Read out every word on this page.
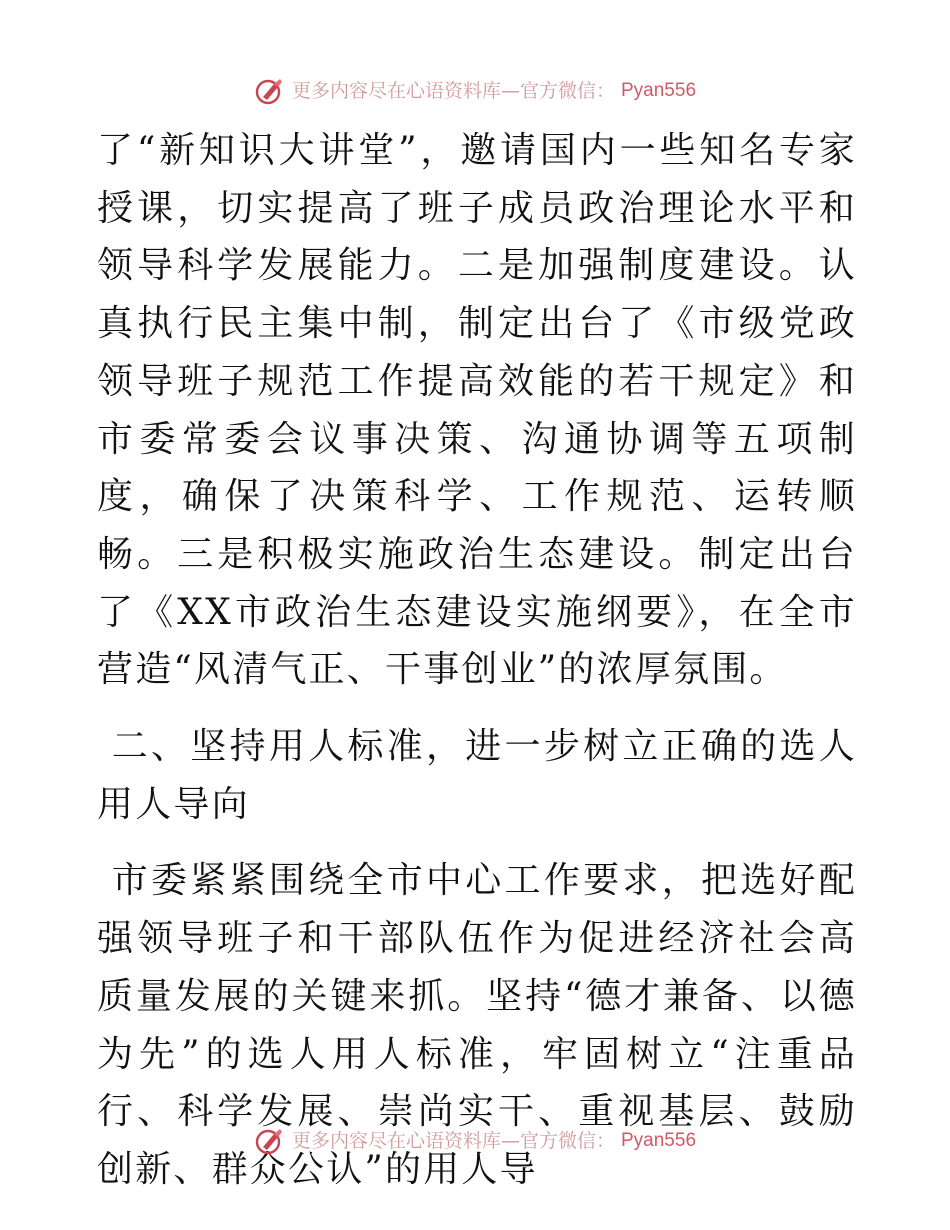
更多内容尽在心语资料库—官方微信： Pyan556

了“新知识大讲堂”，邀请国内一些知名专家授课，切实提高了班子成员政治理论水平和领导科学发展能力。二是加强制度建设。认真执行民主集中制，制定出台了《市级党政领导班子规范工作提高效能的若干规定》和市委常委会议事决策、沟通协调等五项制度，确保了决策科学、工作规范、运转顺畅。三是积极实施政治生态建设。制定出台了《XX市政治生态建设实施纲要》，在全市营造“风清气正、干事创业”的浓厚氛围。

二、坚持用人标准，进一步树立正确的选人用人导向

市委紧紧围绕全市中心工作要求，把选好配强领导班子和干部队伍作为促进经济社会高质量发展的关键来抓。坚持“德才兼备、以德为先”的选人用人标准，牢固树立“注重品行、科学发展、崇尚实干、重视基层、鼓励创新、群众公认”的用人导

更多内容尽在心语资料库—官方微信： Pyan556
